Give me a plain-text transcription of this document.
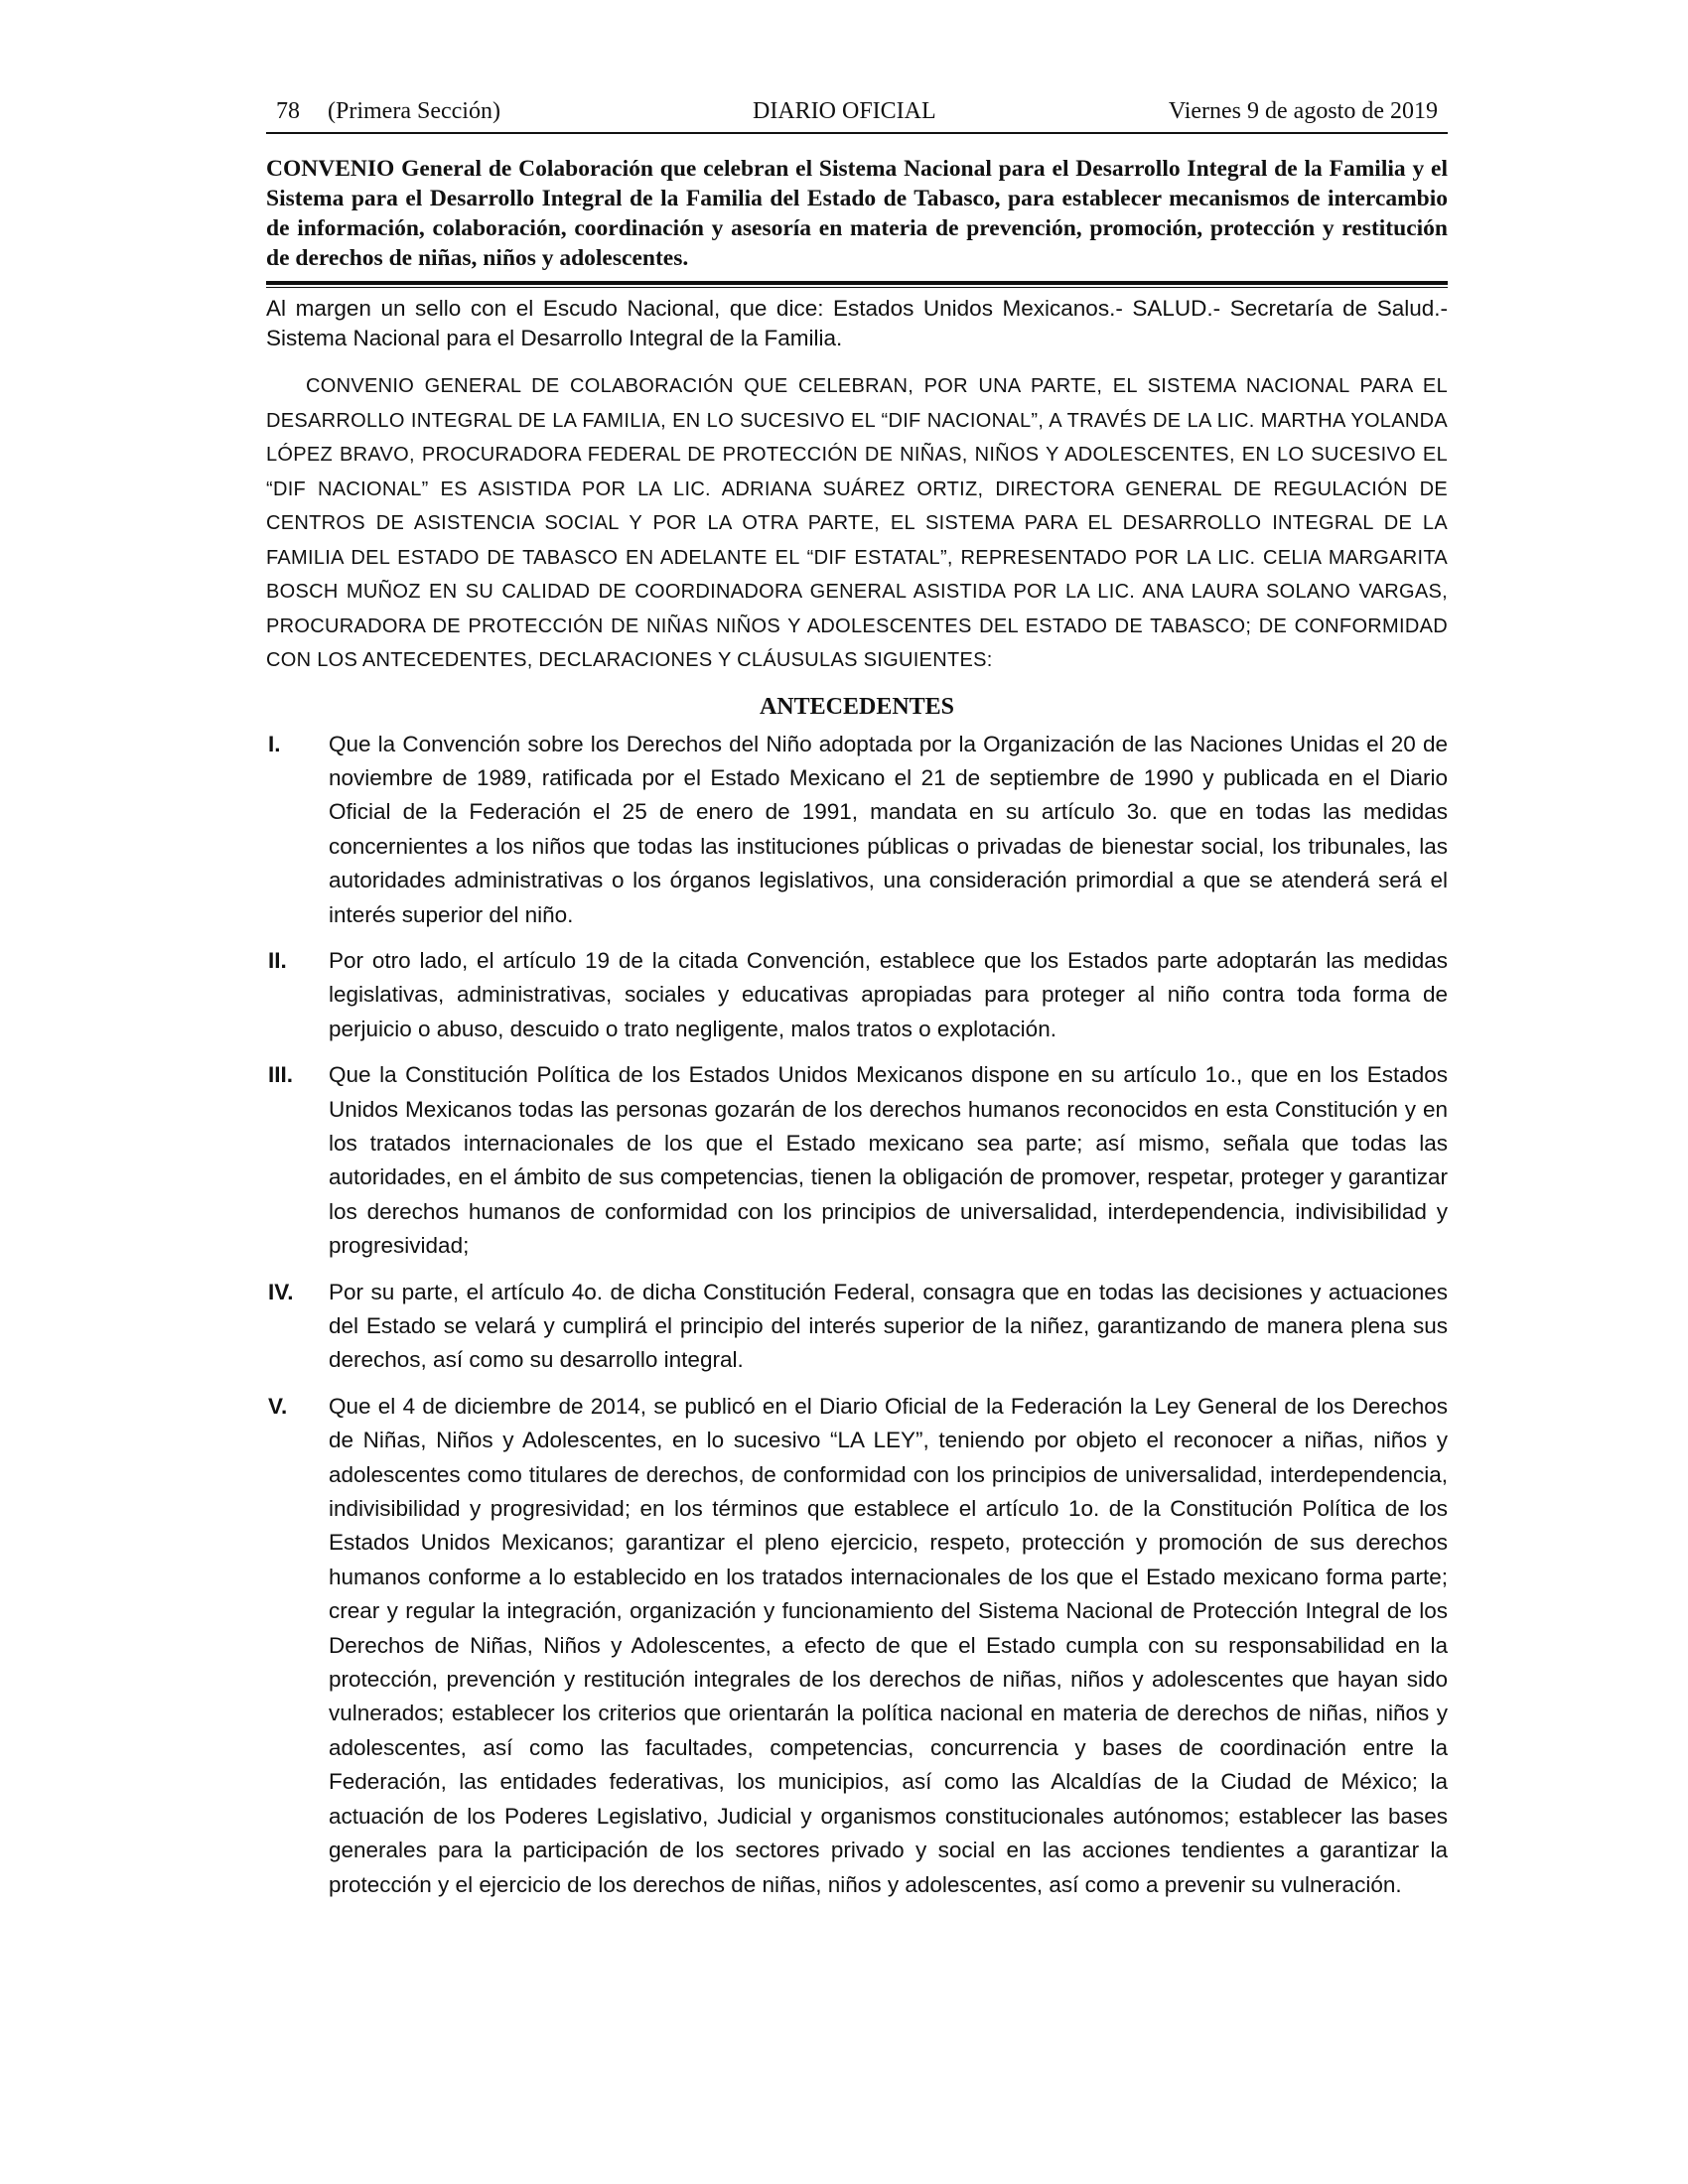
78 (Primera Sección)	DIARIO OFICIAL	Viernes 9 de agosto de 2019
CONVENIO General de Colaboración que celebran el Sistema Nacional para el Desarrollo Integral de la Familia y el Sistema para el Desarrollo Integral de la Familia del Estado de Tabasco, para establecer mecanismos de intercambio de información, colaboración, coordinación y asesoría en materia de prevención, promoción, protección y restitución de derechos de niñas, niños y adolescentes.
Al margen un sello con el Escudo Nacional, que dice: Estados Unidos Mexicanos.- SALUD.- Secretaría de Salud.- Sistema Nacional para el Desarrollo Integral de la Familia.
CONVENIO GENERAL DE COLABORACIÓN QUE CELEBRAN, POR UNA PARTE, EL SISTEMA NACIONAL PARA EL DESARROLLO INTEGRAL DE LA FAMILIA, EN LO SUCESIVO EL “DIF NACIONAL”, A TRAVÉS DE LA LIC. MARTHA YOLANDA LÓPEZ BRAVO, PROCURADORA FEDERAL DE PROTECCIÓN DE NIÑAS, NIÑOS Y ADOLESCENTES, EN LO SUCESIVO EL “DIF NACIONAL” ES ASISTIDA POR LA LIC. ADRIANA SUÁREZ ORTIZ, DIRECTORA GENERAL DE REGULACIÓN DE CENTROS DE ASISTENCIA SOCIAL Y POR LA OTRA PARTE, EL SISTEMA PARA EL DESARROLLO INTEGRAL DE LA FAMILIA DEL ESTADO DE TABASCO EN ADELANTE EL “DIF ESTATAL”, REPRESENTADO POR LA LIC. CELIA MARGARITA BOSCH MUÑOZ EN SU CALIDAD DE COORDINADORA GENERAL ASISTIDA POR LA LIC. ANA LAURA SOLANO VARGAS, PROCURADORA DE PROTECCIÓN DE NIÑAS NIÑOS Y ADOLESCENTES DEL ESTADO DE TABASCO; DE CONFORMIDAD CON LOS ANTECEDENTES, DECLARACIONES Y CLÁUSULAS SIGUIENTES:
ANTECEDENTES
I. Que la Convención sobre los Derechos del Niño adoptada por la Organización de las Naciones Unidas el 20 de noviembre de 1989, ratificada por el Estado Mexicano el 21 de septiembre de 1990 y publicada en el Diario Oficial de la Federación el 25 de enero de 1991, mandata en su artículo 3o. que en todas las medidas concernientes a los niños que todas las instituciones públicas o privadas de bienestar social, los tribunales, las autoridades administrativas o los órganos legislativos, una consideración primordial a que se atenderá será el interés superior del niño.
II. Por otro lado, el artículo 19 de la citada Convención, establece que los Estados parte adoptarán las medidas legislativas, administrativas, sociales y educativas apropiadas para proteger al niño contra toda forma de perjuicio o abuso, descuido o trato negligente, malos tratos o explotación.
III. Que la Constitución Política de los Estados Unidos Mexicanos dispone en su artículo 1o., que en los Estados Unidos Mexicanos todas las personas gozarán de los derechos humanos reconocidos en esta Constitución y en los tratados internacionales de los que el Estado mexicano sea parte; así mismo, señala que todas las autoridades, en el ámbito de sus competencias, tienen la obligación de promover, respetar, proteger y garantizar los derechos humanos de conformidad con los principios de universalidad, interdependencia, indivisibilidad y progresividad;
IV. Por su parte, el artículo 4o. de dicha Constitución Federal, consagra que en todas las decisiones y actuaciones del Estado se velará y cumplirá el principio del interés superior de la niñez, garantizando de manera plena sus derechos, así como su desarrollo integral.
V. Que el 4 de diciembre de 2014, se publicó en el Diario Oficial de la Federación la Ley General de los Derechos de Niñas, Niños y Adolescentes, en lo sucesivo “LA LEY”, teniendo por objeto el reconocer a niñas, niños y adolescentes como titulares de derechos, de conformidad con los principios de universalidad, interdependencia, indivisibilidad y progresividad; en los términos que establece el artículo 1o. de la Constitución Política de los Estados Unidos Mexicanos; garantizar el pleno ejercicio, respeto, protección y promoción de sus derechos humanos conforme a lo establecido en los tratados internacionales de los que el Estado mexicano forma parte; crear y regular la integración, organización y funcionamiento del Sistema Nacional de Protección Integral de los Derechos de Niñas, Niños y Adolescentes, a efecto de que el Estado cumpla con su responsabilidad en la protección, prevención y restitución integrales de los derechos de niñas, niños y adolescentes que hayan sido vulnerados; establecer los criterios que orientarán la política nacional en materia de derechos de niñas, niños y adolescentes, así como las facultades, competencias, concurrencia y bases de coordinación entre la Federación, las entidades federativas, los municipios, así como las Alcaldías de la Ciudad de México; la actuación de los Poderes Legislativo, Judicial y organismos constitucionales autónomos; establecer las bases generales para la participación de los sectores privado y social en las acciones tendientes a garantizar la protección y el ejercicio de los derechos de niñas, niños y adolescentes, así como a prevenir su vulneración.
